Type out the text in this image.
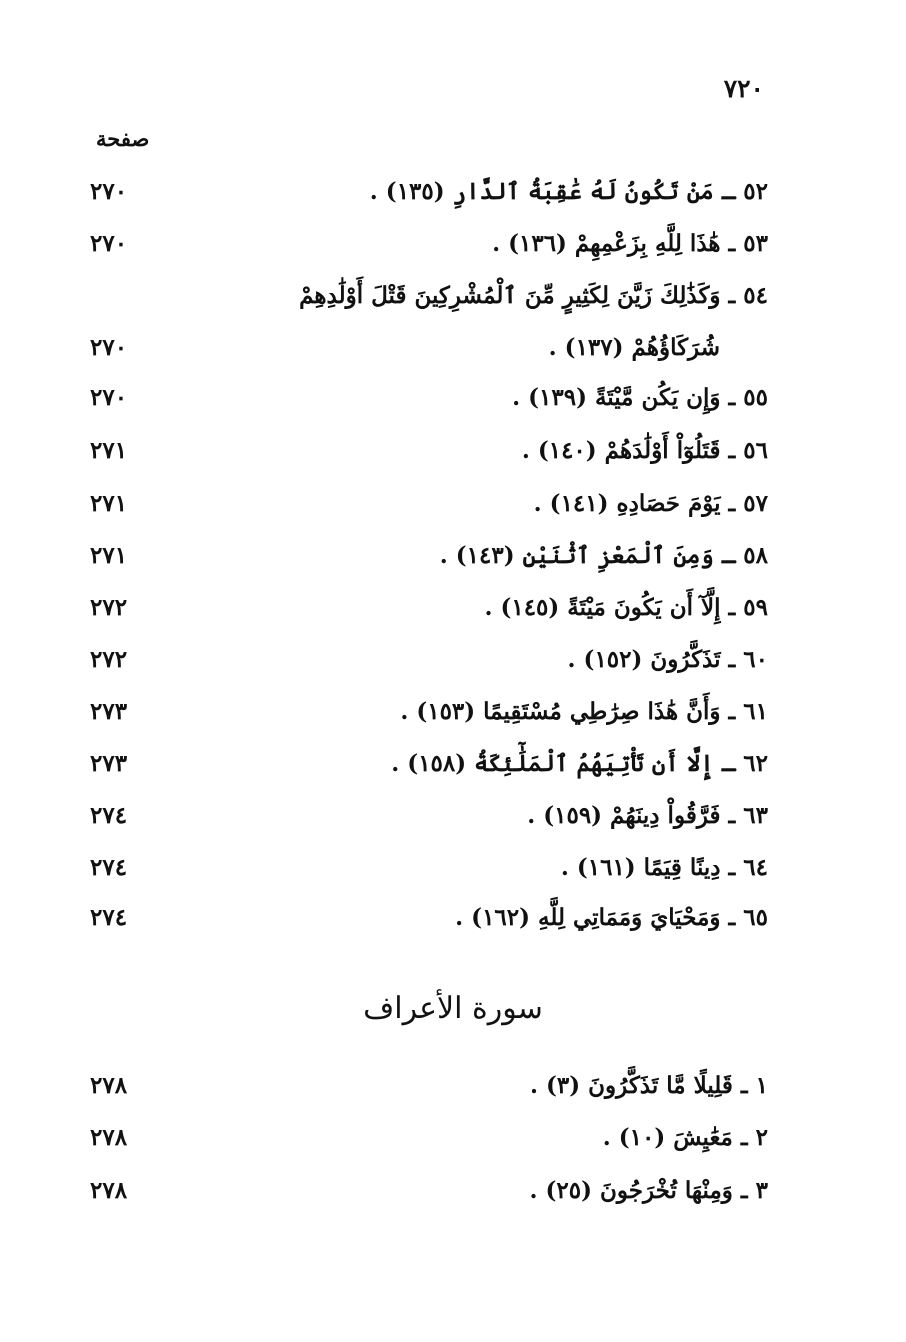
٧٢٠
صفحة
٥٢ ـ مَنْ تَكُونُ لَهُ عَٰقِبَةُ ٱلدَّارِ (١٣٥) .
٢٧٠
٥٣ ـ هَٰذَا لِلَّهِ بِزَعْمِهِمْ (١٣٦) .
٢٧٠
٥٤ ـ وَكَذَٰلِكَ زَيَّنَ لِكَثِيرٍ مِّنَ ٱلْمُشْرِكِينَ قَتْلَ أَوْلَٰدِهِمْ
شُرَكَاؤُهُمْ (١٣٧) .
٢٧٠
٥٥ ـ وَإِن يَكُن مَّيْتَةً (١٣٩) .
٢٧٠
٥٦ ـ قَتَلُوٓاْ أَوْلَٰدَهُمْ (١٤٠) .
٢٧١
٥٧ ـ يَوْمَ حَصَادِهِ (١٤١) .
٢٧١
٥٨ ـ وَمِنَ ٱلْمَعْزِ ٱثْنَيْنِ (١٤٣) .
٢٧١
٥٩ ـ إِلَّآ أَن يَكُونَ مَيْتَةً (١٤٥) .
٢٧٢
٦٠ ـ تَذَكَّرُونَ (١٥٢) .
٢٧٢
٦١ ـ وَأَنَّ هَٰذَا صِرَٰطِي مُسْتَقِيمًا (١٥٣) .
٢٧٣
٦٢ ـ إِلَّا أَن تَأْتِيَهُمُ ٱلْمَلَٰٓئِكَةُ (١٥٨) .
٢٧٣
٦٣ ـ فَرَّقُواْ دِينَهُمْ (١٥٩) .
٢٧٤
٦٤ ـ دِينًا قِيَمًا (١٦١) .
٢٧٤
٦٥ ـ وَمَحْيَايَ وَمَمَاتِي لِلَّهِ (١٦٢) .
٢٧٤
سورة الأعراف
١ ـ قَلِيلًا مَّا تَذَكَّرُونَ (٣) .
٢٧٨
٢ ـ مَعَٰيِشَ (١٠) .
٢٧٨
٣ ـ وَمِنْهَا تُخْرَجُونَ (٢٥) .
٢٧٨
